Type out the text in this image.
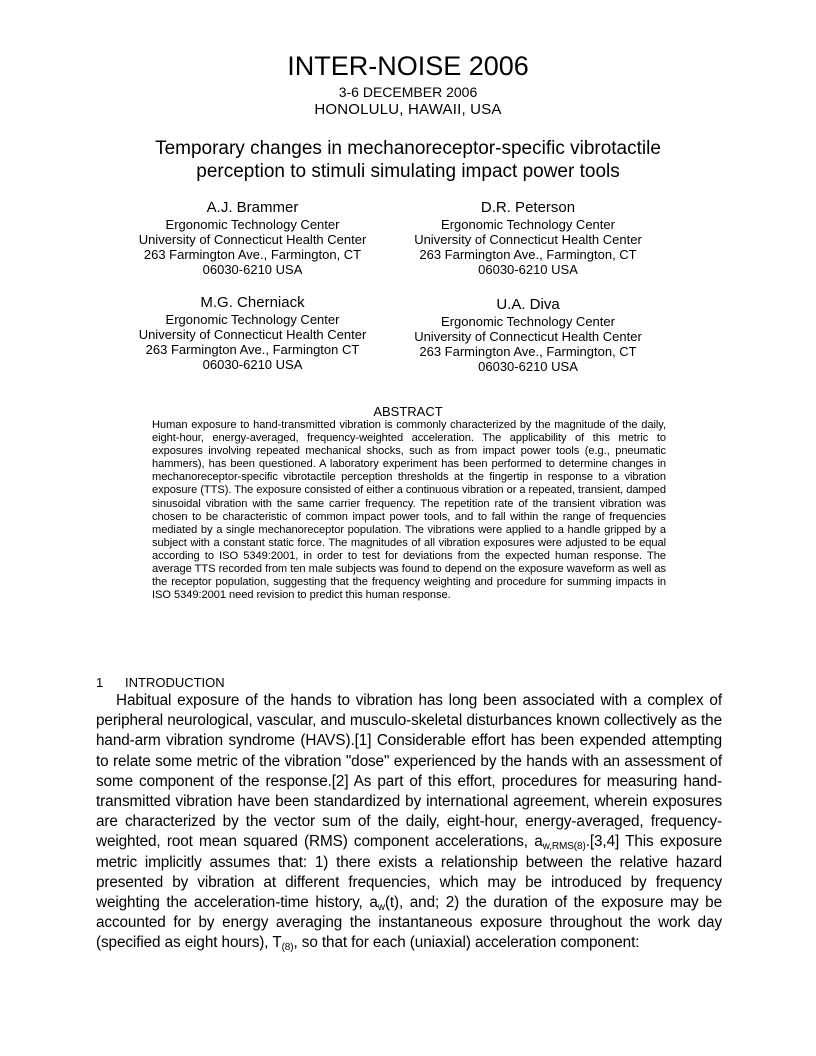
INTER-NOISE 2006
3-6 DECEMBER 2006
HONOLULU, HAWAII, USA
Temporary changes in mechanoreceptor-specific vibrotactile
perception to stimuli simulating impact power tools
A.J. Brammer
Ergonomic Technology Center
University of Connecticut Health Center
263 Farmington Ave., Farmington, CT
06030-6210 USA
D.R. Peterson
Ergonomic Technology Center
University of Connecticut Health Center
263 Farmington Ave., Farmington, CT
06030-6210 USA
M.G. Cherniack
Ergonomic Technology Center
University of Connecticut Health Center
263 Farmington Ave., Farmington CT
06030-6210 USA
U.A. Diva
Ergonomic Technology Center
University of Connecticut Health Center
263 Farmington Ave., Farmington, CT
06030-6210 USA
ABSTRACT
Human exposure to hand-transmitted vibration is commonly characterized by the magnitude of the daily, eight-hour, energy-averaged, frequency-weighted acceleration. The applicability of this metric to exposures involving repeated mechanical shocks, such as from impact power tools (e.g., pneumatic hammers), has been questioned. A laboratory experiment has been performed to determine changes in mechanoreceptor-specific vibrotactile perception thresholds at the fingertip in response to a vibration exposure (TTS). The exposure consisted of either a continuous vibration or a repeated, transient, damped sinusoidal vibration with the same carrier frequency. The repetition rate of the transient vibration was chosen to be characteristic of common impact power tools, and to fall within the range of frequencies mediated by a single mechanoreceptor population. The vibrations were applied to a handle gripped by a subject with a constant static force. The magnitudes of all vibration exposures were adjusted to be equal according to ISO 5349:2001, in order to test for deviations from the expected human response. The average TTS recorded from ten male subjects was found to depend on the exposure waveform as well as the receptor population, suggesting that the frequency weighting and procedure for summing impacts in ISO 5349:2001 need revision to predict this human response.
1 INTRODUCTION
Habitual exposure of the hands to vibration has long been associated with a complex of peripheral neurological, vascular, and musculo-skeletal disturbances known collectively as the hand-arm vibration syndrome (HAVS).[1] Considerable effort has been expended attempting to relate some metric of the vibration "dose" experienced by the hands with an assessment of some component of the response.[2] As part of this effort, procedures for measuring hand-transmitted vibration have been standardized by international agreement, wherein exposures are characterized by the vector sum of the daily, eight-hour, energy-averaged, frequency-weighted, root mean squared (RMS) component accelerations, $a_{w,RMS(8)}.[3,4]$ This exposure metric implicitly assumes that: 1) there exists a relationship between the relative hazard presented by vibration at different frequencies, which may be introduced by frequency weighting the acceleration-time history, $a_w(t)$, and; 2) the duration of the exposure may be accounted for by energy averaging the instantaneous exposure throughout the work day (specified as eight hours), $T_{(8)}$, so that for each (uniaxial) acceleration component:
